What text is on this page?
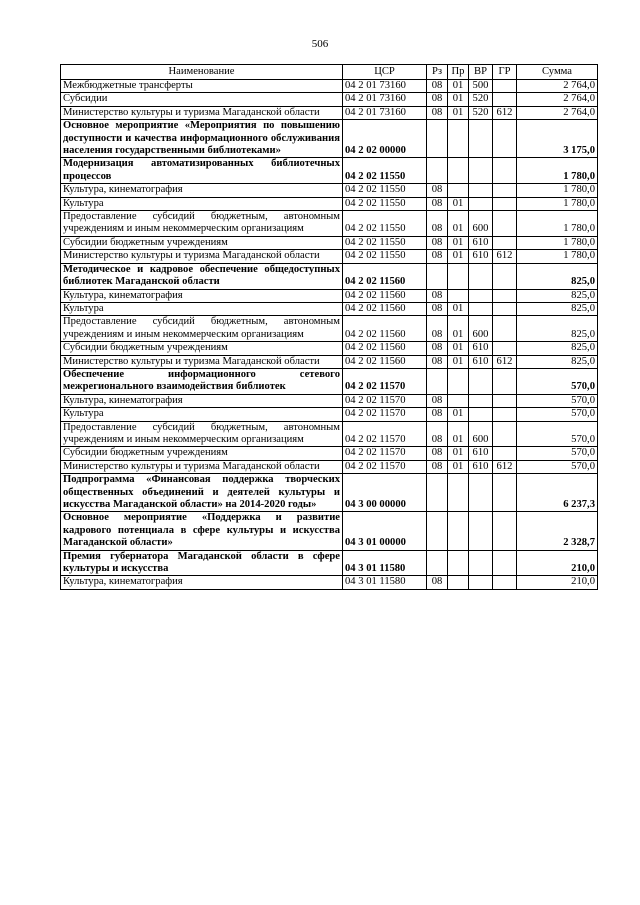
506
Наименование	ЦСР	Рз	Пр	ВР	ГР	Сумма
Межбюджетные трансферты	04 2 01 73160	08	01	500		2 764,0
Субсидии	04 2 01 73160	08	01	520		2 764,0
Министерство культуры и туризма Магаданской области	04 2 01 73160	08	01	520	612	2 764,0
Основное мероприятие «Мероприятия по повышению доступности и качества информационного обслуживания населения государственными библиотеками»	04 2 02 00000					3 175,0
Модернизация автоматизированных библиотечных процессов	04 2 02 11550					1 780,0
Культура, кинематография	04 2 02 11550	08				1 780,0
Культура	04 2 02 11550	08	01			1 780,0
Предоставление субсидий бюджетным, автономным учреждениям и иным некоммерческим организациям	04 2 02 11550	08	01	600		1 780,0
Субсидии бюджетным учреждениям	04 2 02 11550	08	01	610		1 780,0
Министерство культуры и туризма Магаданской области	04 2 02 11550	08	01	610	612	1 780,0
Методическое и кадровое обеспечение общедоступных библиотек Магаданской области	04 2 02 11560					825,0
Культура, кинематография	04 2 02 11560	08				825,0
Культура	04 2 02 11560	08	01			825,0
Предоставление субсидий бюджетным, автономным учреждениям и иным некоммерческим организациям	04 2 02 11560	08	01	600		825,0
Субсидии бюджетным учреждениям	04 2 02 11560	08	01	610		825,0
Министерство культуры и туризма Магаданской области	04 2 02 11560	08	01	610	612	825,0
Обеспечение информационного сетевого межрегионального взаимодействия библиотек	04 2 02 11570					570,0
Культура, кинематография	04 2 02 11570	08				570,0
Культура	04 2 02 11570	08	01			570,0
Предоставление субсидий бюджетным, автономным учреждениям и иным некоммерческим организациям	04 2 02 11570	08	01	600		570,0
Субсидии бюджетным учреждениям	04 2 02 11570	08	01	610		570,0
Министерство культуры и туризма Магаданской области	04 2 02 11570	08	01	610	612	570,0
Подпрограмма «Финансовая поддержка творческих общественных объединений и деятелей культуры и искусства Магаданской области» на 2014-2020 годы»	04 3 00 00000					6 237,3
Основное мероприятие «Поддержка и развитие кадрового потенциала в сфере культуры и искусства Магаданской области»	04 3 01 00000					2 328,7
Премия губернатора Магаданской области в сфере культуры и искусства	04 3 01 11580					210,0
Культура, кинематография	04 3 01 11580	08				210,0
